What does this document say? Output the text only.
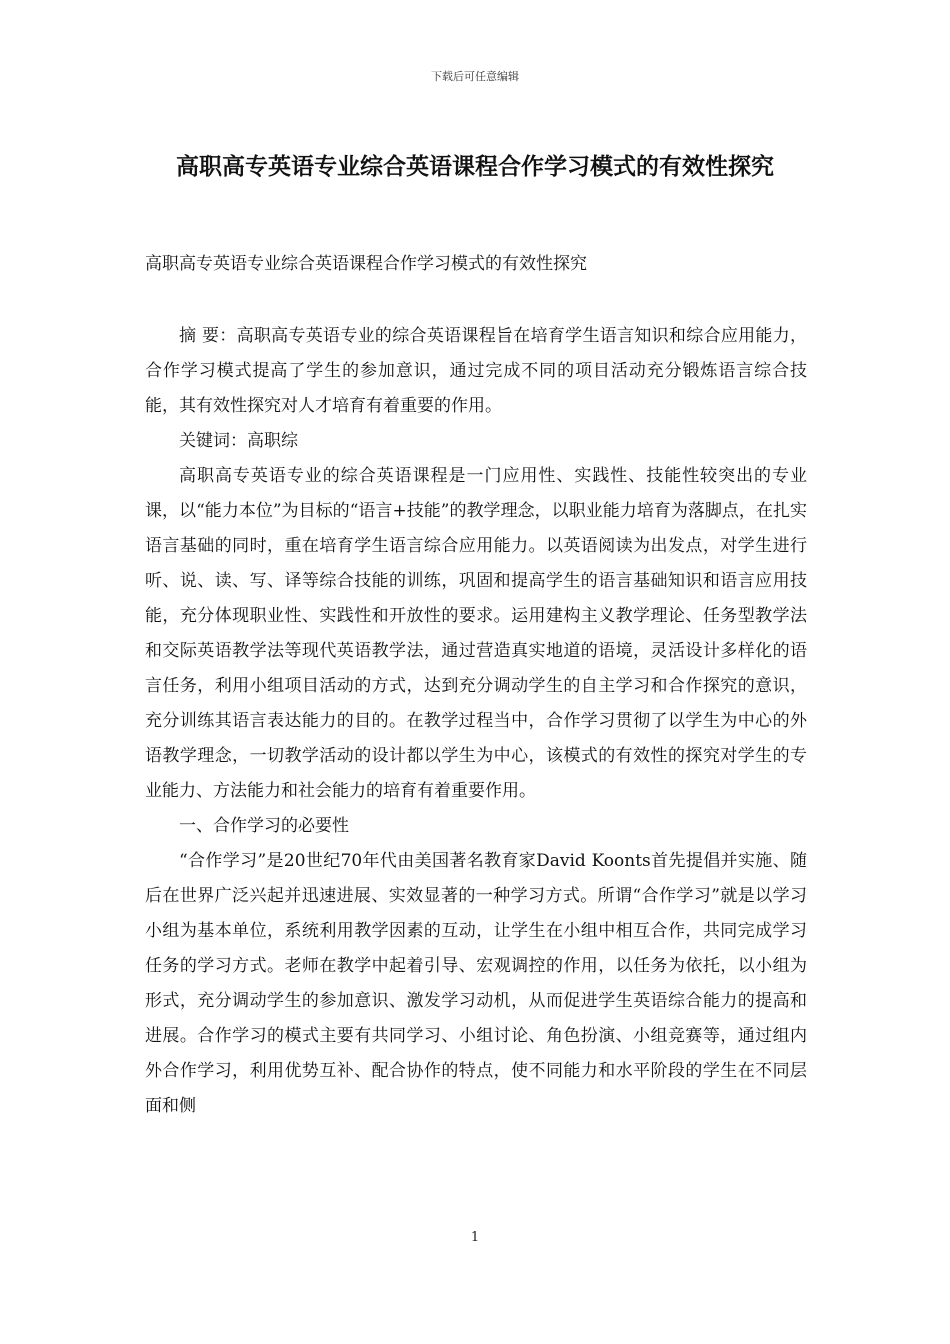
下载后可任意编辑
高职高专英语专业综合英语课程合作学习模式的有效性探究

高职高专英语专业综合英语课程合作学习模式的有效性探究

摘 要：高职高专英语专业的综合英语课程旨在培育学生语言知识和综合应用能力，合作学习模式提高了学生的参加意识，通过完成不同的项目活动充分锻炼语言综合技能，其有效性探究对人才培育有着重要的作用。

关键词：高职综

高职高专英语专业的综合英语课程是一门应用性、实践性、技能性较突出的专业课，以“能力本位”为目标的“语言+技能”的教学理念，以职业能力培育为落脚点，在扎实语言基础的同时，重在培育学生语言综合应用能力。以英语阅读为出发点，对学生进行听、说、读、写、译等综合技能的训练，巩固和提高学生的语言基础知识和语言应用技能，充分体现职业性、实践性和开放性的要求。运用建构主义教学理论、任务型教学法和交际英语教学法等现代英语教学法，通过营造真实地道的语境，灵活设计多样化的语言任务，利用小组项目活动的方式，达到充分调动学生的自主学习和合作探究的意识，充分训练其语言表达能力的目的。在教学过程当中，合作学习贯彻了以学生为中心的外语教学理念，一切教学活动的设计都以学生为中心，该模式的有效性的探究对学生的专业能力、方法能力和社会能力的培育有着重要作用。

一、合作学习的必要性

“合作学习”是20世纪70年代由美国著名教育家David Koonts首先提倡并实施、随后在世界广泛兴起并迅速进展、实效显著的一种学习方式。所谓“合作学习”就是以学习小组为基本单位，系统利用教学因素的互动，让学生在小组中相互合作，共同完成学习任务的学习方式。老师在教学中起着引导、宏观调控的作用，以任务为依托，以小组为形式，充分调动学生的参加意识、激发学习动机，从而促进学生英语综合能力的提高和进展。合作学习的模式主要有共同学习、小组讨论、角色扮演、小组竞赛等，通过组内外合作学习，利用优势互补、配合协作的特点，使不同能力和水平阶段的学生在不同层面和侧

1
